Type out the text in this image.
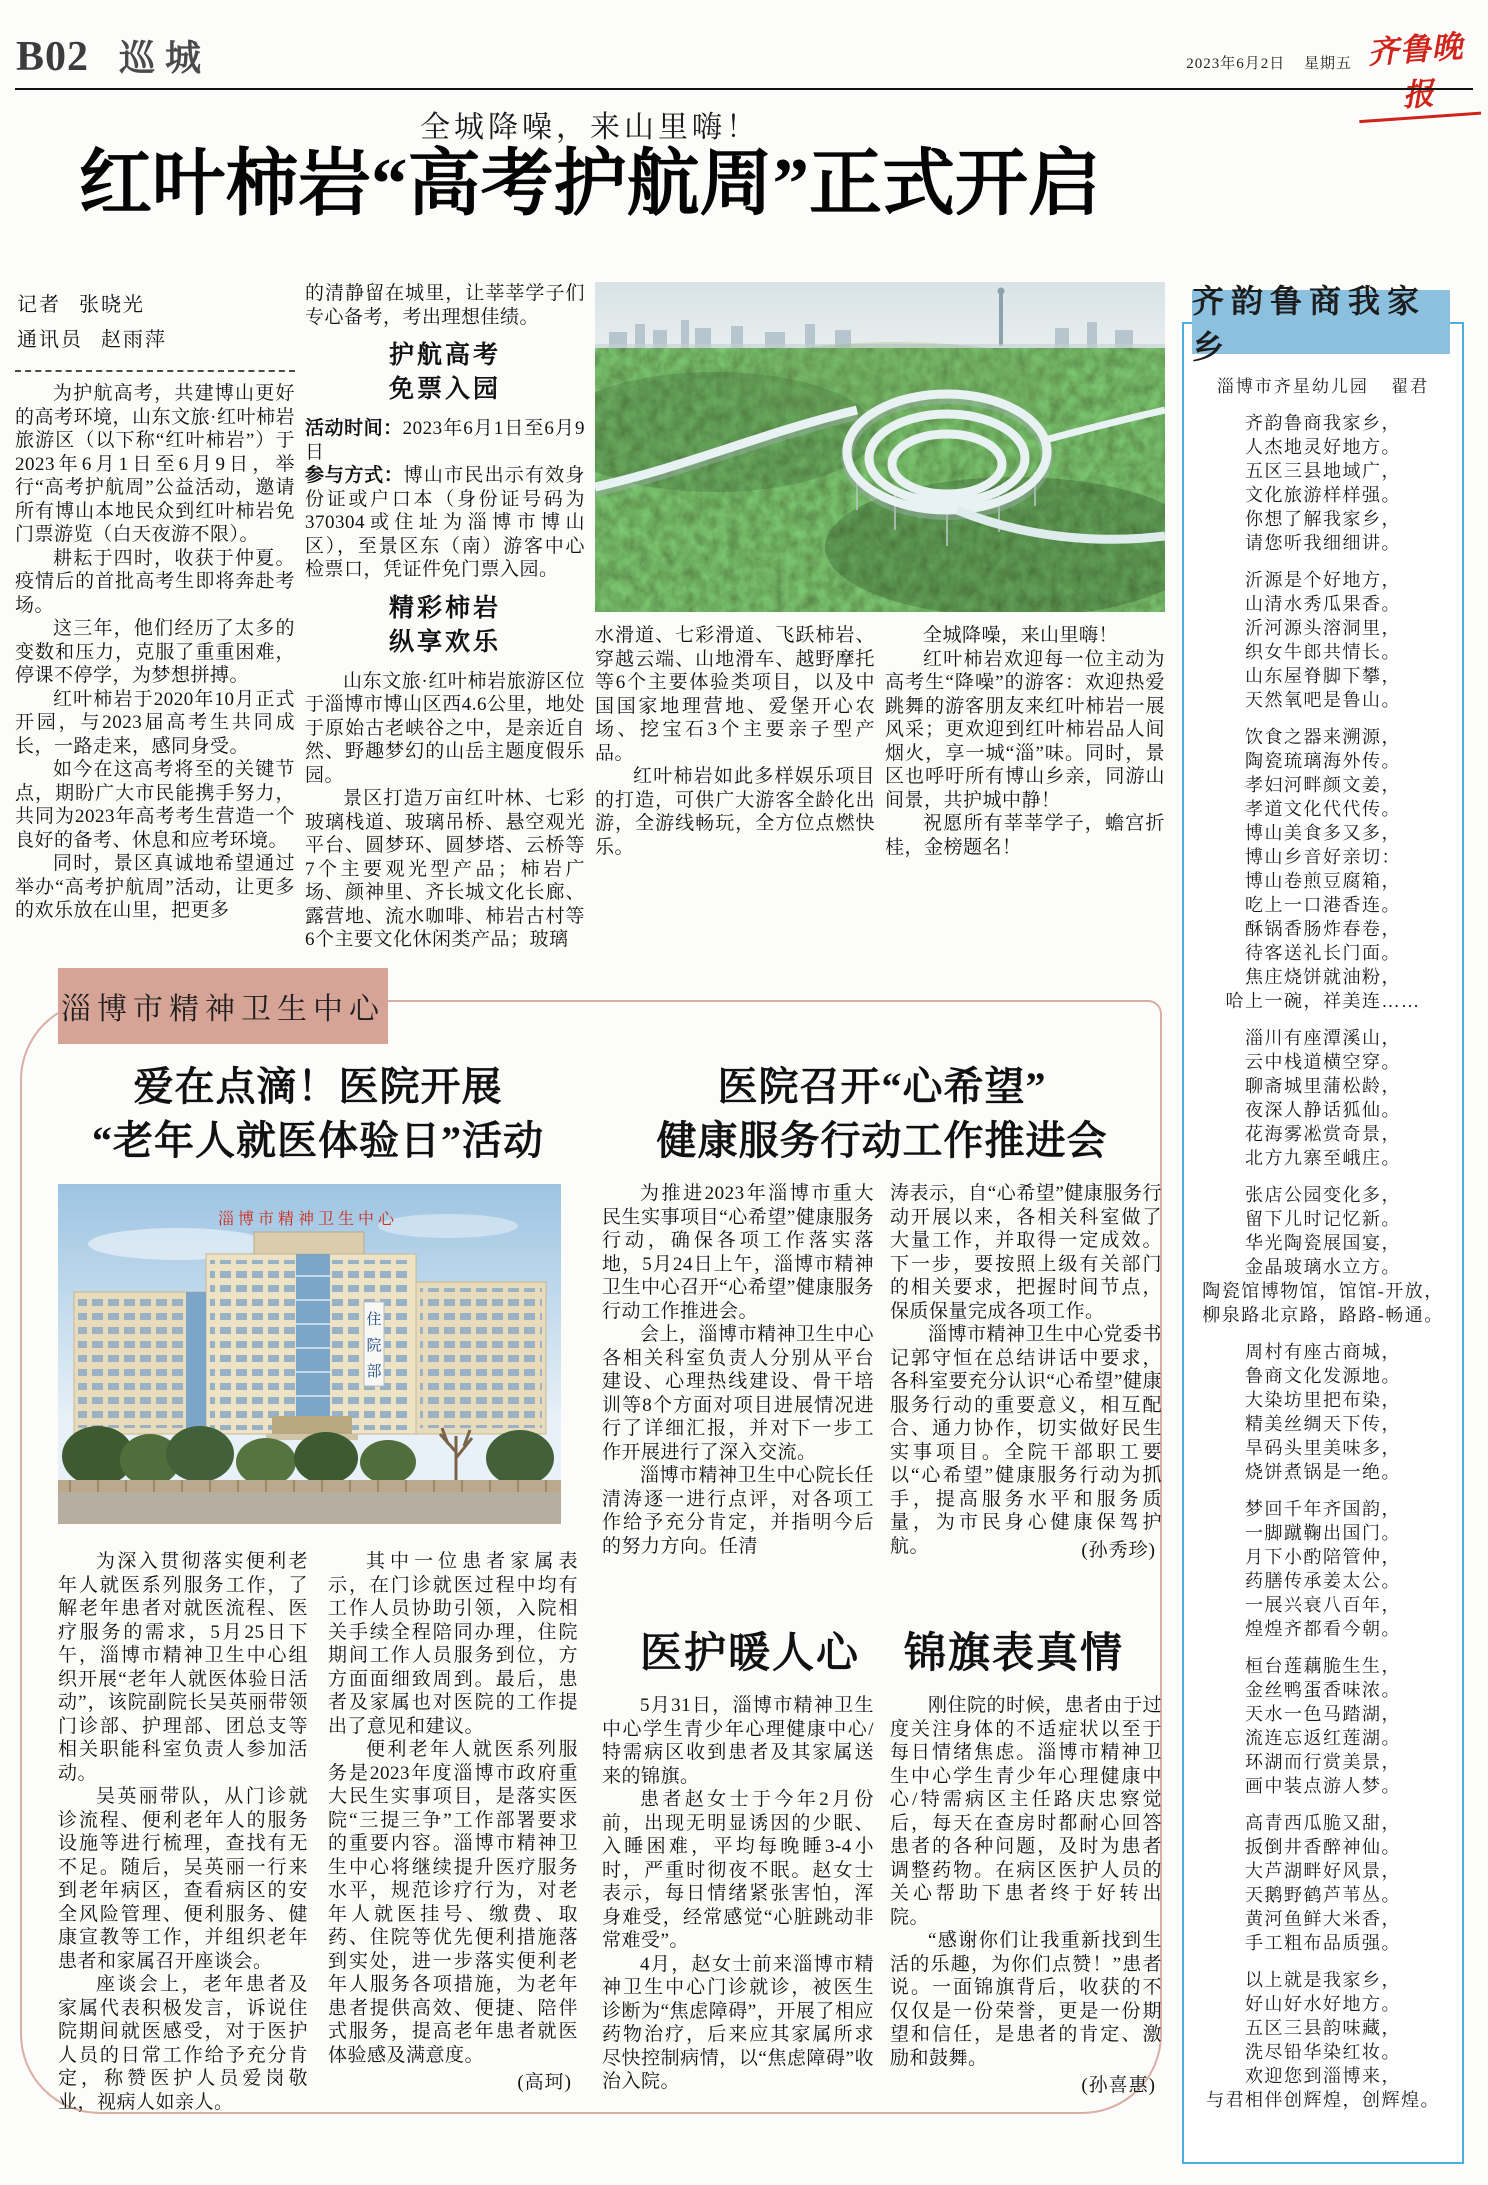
B02 巡城	2023年6月2日 星期五 齐鲁晚报
全城降噪，来山里嗨！
红叶柿岩“高考护航周”正式开启

记者 张晓光

通讯员 赵雨萍

为护航高考，共建博山更好的高考环境，山东文旅·红叶柿岩旅游区（以下称“红叶柿岩”）于2023年6月1日至6月9日，举行“高考护航周”公益活动，邀请所有博山本地民众到红叶柿岩免门票游览（白天夜游不限）。

耕耘于四时，收获于仲夏。疫情后的首批高考生即将奔赴考场。

这三年，他们经历了太多的变数和压力，克服了重重困难，停课不停学，为梦想拼搏。

红叶柿岩于2020年10月正式开园，与2023届高考生共同成长，一路走来，感同身受。

如今在这高考将至的关键节点，期盼广大市民能携手努力，共同为2023年高考考生营造一个良好的备考、休息和应考环境。

同时，景区真诚地希望通过举办“高考护航周”活动，让更多的欢乐放在山里，把更多

的清静留在城里，让莘莘学子们专心备考，考出理想佳绩。

护航高考
免票入园

活动时间：2023年6月1日至6月9日

参与方式：博山市民出示有效身份证或户口本（身份证号码为370304或住址为淄博市博山区），至景区东（南）游客中心检票口，凭证件免门票入园。

精彩柿岩
纵享欢乐

山东文旅·红叶柿岩旅游区位于淄博市博山区西4.6公里，地处于原始古老峡谷之中，是亲近自然、野趣梦幻的山岳主题度假乐园。

景区打造万亩红叶林、七彩玻璃栈道、玻璃吊桥、悬空观光平台、圆梦环、圆梦塔、云桥等7个主要观光型产品；柿岩广场、颜神里、齐长城文化长廊、露营地、流水咖啡、柿岩古村等6个主要文化休闲类产品；玻璃

水滑道、七彩滑道、飞跃柿岩、穿越云端、山地滑车、越野摩托等6个主要体验类项目，以及中国国家地理营地、爱堡开心农场、挖宝石3个主要亲子型产品。

红叶柿岩如此多样娱乐项目的打造，可供广大游客全龄化出游，全游线畅玩，全方位点燃快乐。

全城降噪，来山里嗨！

红叶柿岩欢迎每一位主动为高考生“降噪”的游客：欢迎热爱跳舞的游客朋友来红叶柿岩一展风采；更欢迎到红叶柿岩品人间烟火，享一城“淄”味。同时，景区也呼吁所有博山乡亲，同游山间景，共护城中静！

祝愿所有莘莘学子，蟾宫折桂，金榜题名！

齐韵鲁商我家乡
淄博市齐星幼儿园 翟君
齐韵鲁商我家乡，
人杰地灵好地方。
五区三县地域广，
文化旅游样样强。
你想了解我家乡，
请您听我细细讲。
沂源是个好地方，
山清水秀瓜果香。
沂河源头溶洞里，
织女牛郎共情长。
山东屋脊脚下攀，
天然氧吧是鲁山。
饮食之器来溯源，
陶瓷琉璃海外传。
孝妇河畔颜文姜，
孝道文化代代传。
博山美食多又多，
博山乡音好亲切：
博山卷煎豆腐箱，
吃上一口港香连。
酥锅香肠炸春卷，
待客送礼长门面。
焦庄烧饼就油粉，
哈上一碗，祥美连……
淄川有座潭溪山，
云中栈道横空穿。
聊斋城里蒲松龄，
夜深人静话狐仙。
花海雾凇赏奇景，
北方九寨至峨庄。
张店公园变化多，
留下儿时记忆新。
华光陶瓷展国宴，
金晶玻璃水立方。
陶瓷馆博物馆，馆馆-开放，
柳泉路北京路，路路-畅通。
周村有座古商城，
鲁商文化发源地。
大染坊里把布染，
精美丝绸天下传，
旱码头里美味多，
烧饼煮锅是一绝。
梦回千年齐国韵，
一脚蹴鞠出国门。
月下小酌陪管仲，
药膳传承姜太公。
一展兴衰八百年，
煌煌齐都看今朝。
桓台莲藕脆生生，
金丝鸭蛋香味浓。
天水一色马踏湖，
流连忘返红莲湖。
环湖而行赏美景，
画中装点游人梦。
高青西瓜脆又甜，
扳倒井香醉神仙。
大芦湖畔好风景，
天鹅野鹤芦苇丛。
黄河鱼鲜大米香，
手工粗布品质强。
以上就是我家乡，
好山好水好地方。
五区三县韵味藏，
洗尽铅华染红妆。
欢迎您到淄博来，
与君相伴创辉煌，创辉煌。
淄博市精神卫生中心
爱在点滴！医院开展
“老年人就医体验日”活动
淄博市精神卫生中心
住
院
部

为深入贯彻落实便利老年人就医系列服务工作，了解老年患者对就医流程、医疗服务的需求，5月25日下午，淄博市精神卫生中心组织开展“老年人就医体验日活动”，该院副院长吴英丽带领门诊部、护理部、团总支等相关职能科室负责人参加活动。

吴英丽带队，从门诊就诊流程、便利老年人的服务设施等进行梳理，查找有无不足。随后，吴英丽一行来到老年病区，查看病区的安全风险管理、便利服务、健康宣教等工作，并组织老年患者和家属召开座谈会。

座谈会上，老年患者及家属代表积极发言，诉说住院期间就医感受，对于医护人员的日常工作给予充分肯定，称赞医护人员爱岗敬业，视病人如亲人。

其中一位患者家属表示，在门诊就医过程中均有工作人员协助引领，入院相关手续全程陪同办理，住院期间工作人员服务到位，方方面面细致周到。最后，患者及家属也对医院的工作提出了意见和建议。

便利老年人就医系列服务是2023年度淄博市政府重大民生实事项目，是落实医院“三提三争”工作部署要求的重要内容。淄博市精神卫生中心将继续提升医疗服务水平，规范诊疗行为，对老年人就医挂号、缴费、取药、住院等优先便利措施落到实处，进一步落实便利老年人服务各项措施，为老年患者提供高效、便捷、陪伴式服务，提高老年患者就医体验感及满意度。

(高珂)
医院召开“心希望”
健康服务行动工作推进会

为推进2023年淄博市重大民生实事项目“心希望”健康服务行动，确保各项工作落实落地，5月24日上午，淄博市精神卫生中心召开“心希望”健康服务行动工作推进会。

会上，淄博市精神卫生中心各相关科室负责人分别从平台建设、心理热线建设、骨干培训等8个方面对项目进展情况进行了详细汇报，并对下一步工作开展进行了深入交流。

淄博市精神卫生中心院长任清涛逐一进行点评，对各项工作给予充分肯定，并指明今后的努力方向。任清

涛表示，自“心希望”健康服务行动开展以来，各相关科室做了大量工作，并取得一定成效。下一步，要按照上级有关部门的相关要求，把握时间节点，保质保量完成各项工作。

淄博市精神卫生中心党委书记郭守恒在总结讲话中要求，各科室要充分认识“心希望”健康服务行动的重要意义，相互配合、通力协作，切实做好民生实事项目。全院干部职工要以“心希望”健康服务行动为抓手，提高服务水平和服务质量，为市民身心健康保驾护航。	(孙秀珍)
医护暖人心　锦旗表真情

5月31日，淄博市精神卫生中心学生青少年心理健康中心/特需病区收到患者及其家属送来的锦旗。

患者赵女士于今年2月份前，出现无明显诱因的少眠、入睡困难，平均每晚睡3-4小时，严重时彻夜不眠。赵女士表示，每日情绪紧张害怕，浑身难受，经常感觉“心脏跳动非常难受”。

4月，赵女士前来淄博市精神卫生中心门诊就诊，被医生诊断为“焦虑障碍”，开展了相应药物治疗，后来应其家属所求尽快控制病情，以“焦虑障碍”收治入院。

刚住院的时候，患者由于过度关注身体的不适症状以至于每日情绪焦虑。淄博市精神卫生中心学生青少年心理健康中心/特需病区主任路庆忠察觉后，每天在查房时都耐心回答患者的各种问题，及时为患者调整药物。在病区医护人员的关心帮助下患者终于好转出院。

“感谢你们让我重新找到生活的乐趣，为你们点赞！”患者说。一面锦旗背后，收获的不仅仅是一份荣誉，更是一份期望和信任，是患者的肯定、激励和鼓舞。

(孙喜惠)
